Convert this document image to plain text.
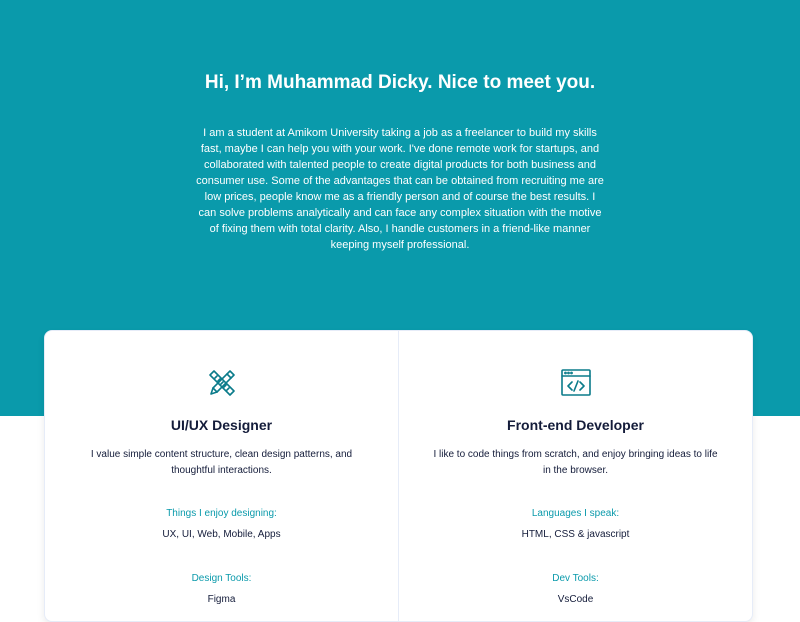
Hi, I’m Muhammad Dicky. Nice to meet you.

I am a student at Amikom University taking a job as a freelancer to build my skills fast, maybe I can help you with your work. I've done remote work for startups, and collaborated with talented people to create digital products for both business and consumer use. Some of the advantages that can be obtained from recruiting me are low prices, people know me as a friendly person and of course the best results. I can solve problems analytically and can face any complex situation with the motive of fixing them with total clarity. Also, I handle customers in a friend-like manner keeping myself professional.

UI/UX Designer

I value simple content structure, clean design patterns, and thoughtful interactions.

Things I enjoy designing:

UX, UI, Web, Mobile, Apps

Design Tools:

Figma

Front-end Developer

I like to code things from scratch, and enjoy bringing ideas to life in the browser.

Languages I speak:

HTML, CSS & javascript

Dev Tools:

VsCode
